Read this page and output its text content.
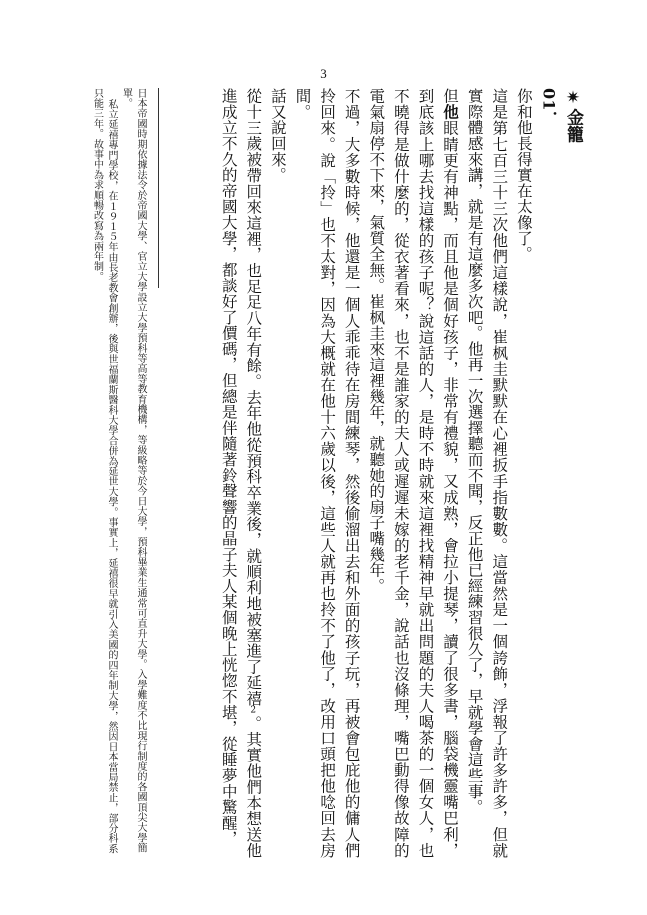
3

✷金籠

01．

你和他長得實在太像了。

這是第七百三十三次他們這樣說，崔枫圭默默在心裡扳手指數數。這當然是一個誇飾，浮報了許多許多，但就實際體感來講，就是有這麼多次吧。他再一次選擇聽而不聞，反正他已經練習很久了，早就學會這些事。

但他眼睛更有神點，而且他是個好孩子，非常有禮貌，又成熟，會拉小提琴，讀了很多書，腦袋機靈嘴巴利，到底該上哪去找這樣的孩子呢？說這話的人，是時不時就來這裡找精神早就出問題的夫人喝茶的一個女人，也不曉得是做什麼的，從衣著看來，也不是誰家的夫人或遲遲未嫁的老千金，說話也沒條理，嘴巴動得像故障的電氣扇停不下來，氣質全無。崔枫圭來這裡幾年，就聽她的扇子嘴幾年。

不過，大多數時候，他還是一個人乖乖待在房間練琴，然後偷溜出去和外面的孩子玩，再被會包庇他的傭人們拎回來。說「拎」也不太對，因為大概就在他十六歲以後，這些人就再也拎不了他了，改用口頭把他唸回去房間。

話又說回來。

從十三歲被帶回來這裡，也足足八年有餘。去年他從預科卒業後，就順利地被塞進了延禧2。其實他們本想送他進成立不久的帝國大學，都談好了價碼，但總是伴隨著鈴聲響的晶子夫人某個晚上恍惚不堪，從睡夢中驚醒，

日本帝國時期依據法令於帝國大學、官立大學設立大學預科等高等教育機構，等級略等於今日大學，預科畢業生通常可直升大學。入學難度不比現行制度的各國頂尖大學簡單。

私立延禧專門學校，在１９１５年由長老教會創辦，後與世福蘭斯醫科大學合併為延世大學。事實上，延禧很早就引入美國的四年制大學，然因日本當局禁止，部分科系只能三年。故事中為求順暢改寫為兩年制。
